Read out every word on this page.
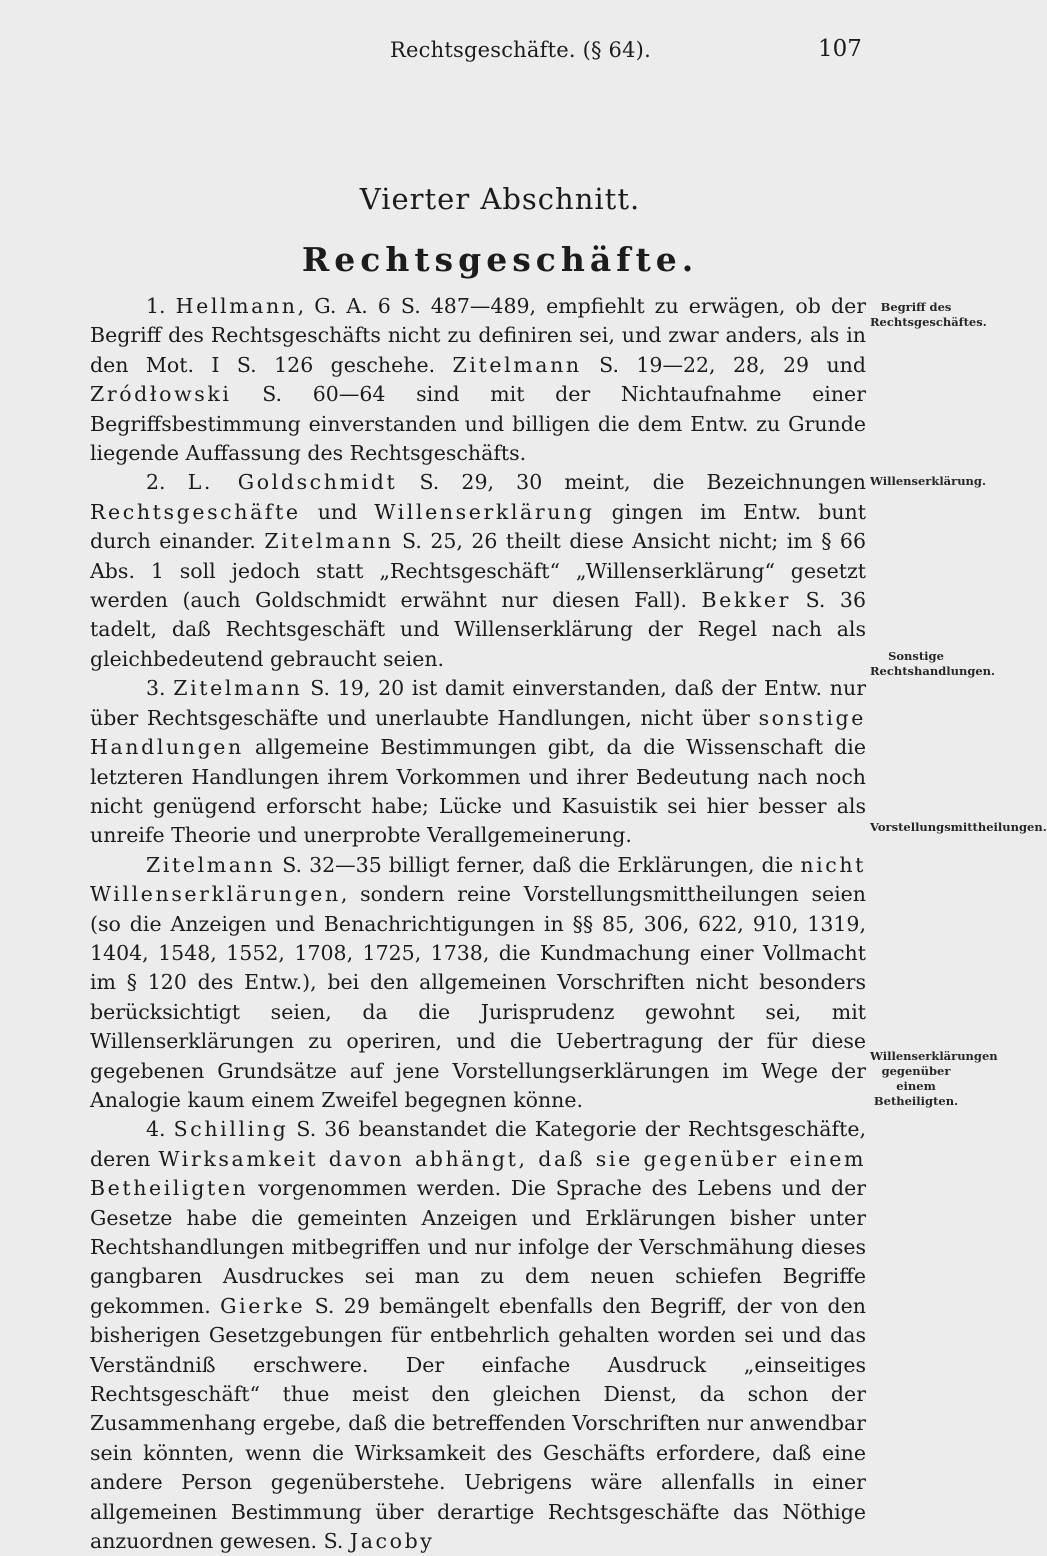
Rechtsgeschäfte. (§ 64).	107
Vierter Abschnitt.
Rechtsgeschäfte.

1. Hellmann, G. A. 6 S. 487—489, empfiehlt zu erwägen, ob der Begriff des Rechtsgeschäfts nicht zu definiren sei, und zwar anders, als in den Mot. I S. 126 geschehe. Zitelmann S. 19—22, 28, 29 und Zródłowski S. 60—64 sind mit der Nichtaufnahme einer Begriffsbestimmung einverstanden und billigen die dem Entw. zu Grunde liegende Auffassung des Rechtsgeschäfts.

2. L. Goldschmidt S. 29, 30 meint, die Bezeichnungen Rechtsgeschäfte und Willenserklärung gingen im Entw. bunt durch einander. Zitelmann S. 25, 26 theilt diese Ansicht nicht; im § 66 Abs. 1 soll jedoch statt „Rechtsgeschäft“ „Willenserklärung“ gesetzt werden (auch Goldschmidt erwähnt nur diesen Fall). Bekker S. 36 tadelt, daß Rechtsgeschäft und Willenserklärung der Regel nach als gleichbedeutend gebraucht seien.

3. Zitelmann S. 19, 20 ist damit einverstanden, daß der Entw. nur über Rechtsgeschäfte und unerlaubte Handlungen, nicht über sonstige Handlungen allgemeine Bestimmungen gibt, da die Wissenschaft die letzteren Handlungen ihrem Vorkommen und ihrer Bedeutung nach noch nicht genügend erforscht habe; Lücke und Kasuistik sei hier besser als unreife Theorie und unerprobte Verallgemeinerung.

Zitelmann S. 32—35 billigt ferner, daß die Erklärungen, die nicht Willenserklärungen, sondern reine Vorstellungsmittheilungen seien (so die Anzeigen und Benachrichtigungen in §§ 85, 306, 622, 910, 1319, 1404, 1548, 1552, 1708, 1725, 1738, die Kundmachung einer Vollmacht im § 120 des Entw.), bei den allgemeinen Vorschriften nicht besonders berücksichtigt seien, da die Jurisprudenz gewohnt sei, mit Willenserklärungen zu operiren, und die Uebertragung der für diese gegebenen Grundsätze auf jene Vorstellungserklärungen im Wege der Analogie kaum einem Zweifel begegnen könne.

4. Schilling S. 36 beanstandet die Kategorie der Rechtsgeschäfte, deren Wirksamkeit davon abhängt, daß sie gegenüber einem Betheiligten vorgenommen werden. Die Sprache des Lebens und der Gesetze habe die gemeinten Anzeigen und Erklärungen bisher unter Rechtshandlungen mitbegriffen und nur infolge der Verschmähung dieses gangbaren Ausdruckes sei man zu dem neuen schiefen Begriffe gekommen. Gierke S. 29 bemängelt ebenfalls den Begriff, der von den bisherigen Gesetzgebungen für entbehrlich gehalten worden sei und das Verständniß erschwere. Der einfache Ausdruck „einseitiges Rechtsgeschäft“ thue meist den gleichen Dienst, da schon der Zusammenhang ergebe, daß die betreffenden Vorschriften nur anwendbar sein könnten, wenn die Wirksamkeit des Geschäfts erfordere, daß eine andere Person gegenüberstehe. Uebrigens wäre allenfalls in einer allgemeinen Bestimmung über derartige Rechtsgeschäfte das Nöthige anzuordnen gewesen. S. Jacoby

Begriff des Rechtsgeschäftes.
Willenserklärung.
Sonstige Rechtshandlungen.
Vorstellungsmittheilungen.
Willenserklärungen gegenüber einem Betheiligten.
